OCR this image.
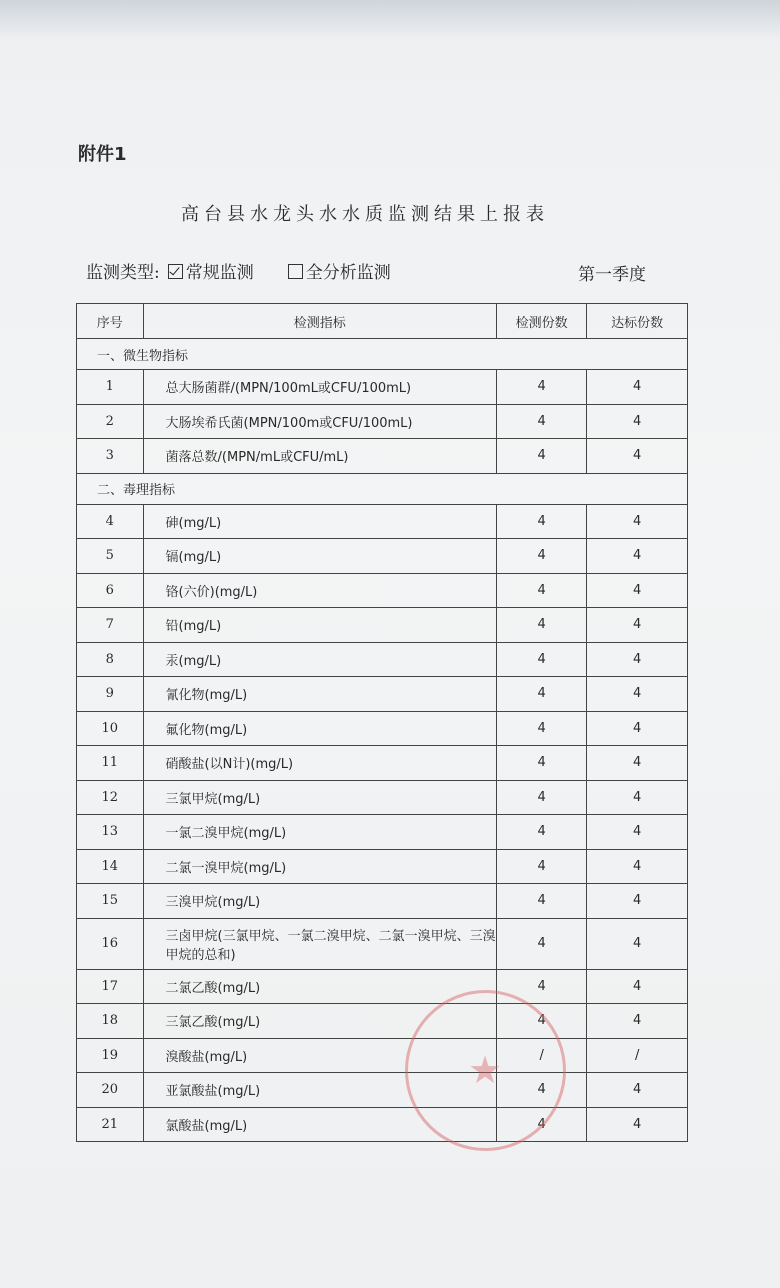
附件1
高台县水龙头水水质监测结果上报表
监测类型: 常规监测	全分析监测	第一季度
序号	检测指标	检测份数	达标份数
一、微生物指标			
1	总大肠菌群/(MPN/100mL或CFU/100mL)	4	4
2	大肠埃希氏菌(MPN/100m或CFU/100mL)	4	4
3	菌落总数/(MPN/mL或CFU/mL)	4	4
二、毒理指标			
4	砷(mg/L)	4	4
5	镉(mg/L)	4	4
6	铬(六价)(mg/L)	4	4
7	铅(mg/L)	4	4
8	汞(mg/L)	4	4
9	氰化物(mg/L)	4	4
10	氟化物(mg/L)	4	4
11	硝酸盐(以N计)(mg/L)	4	4
12	三氯甲烷(mg/L)	4	4
13	一氯二溴甲烷(mg/L)	4	4
14	二氯一溴甲烷(mg/L)	4	4
15	三溴甲烷(mg/L)	4	4
16	三卤甲烷(三氯甲烷、一氯二溴甲烷、二氯一溴甲烷、三溴甲烷的总和)	4	4
17	二氯乙酸(mg/L)	4	4
18	三氯乙酸(mg/L)	4	4
19	溴酸盐(mg/L)	/	/
20	亚氯酸盐(mg/L)	4	4
21	氯酸盐(mg/L)	4	4
★
